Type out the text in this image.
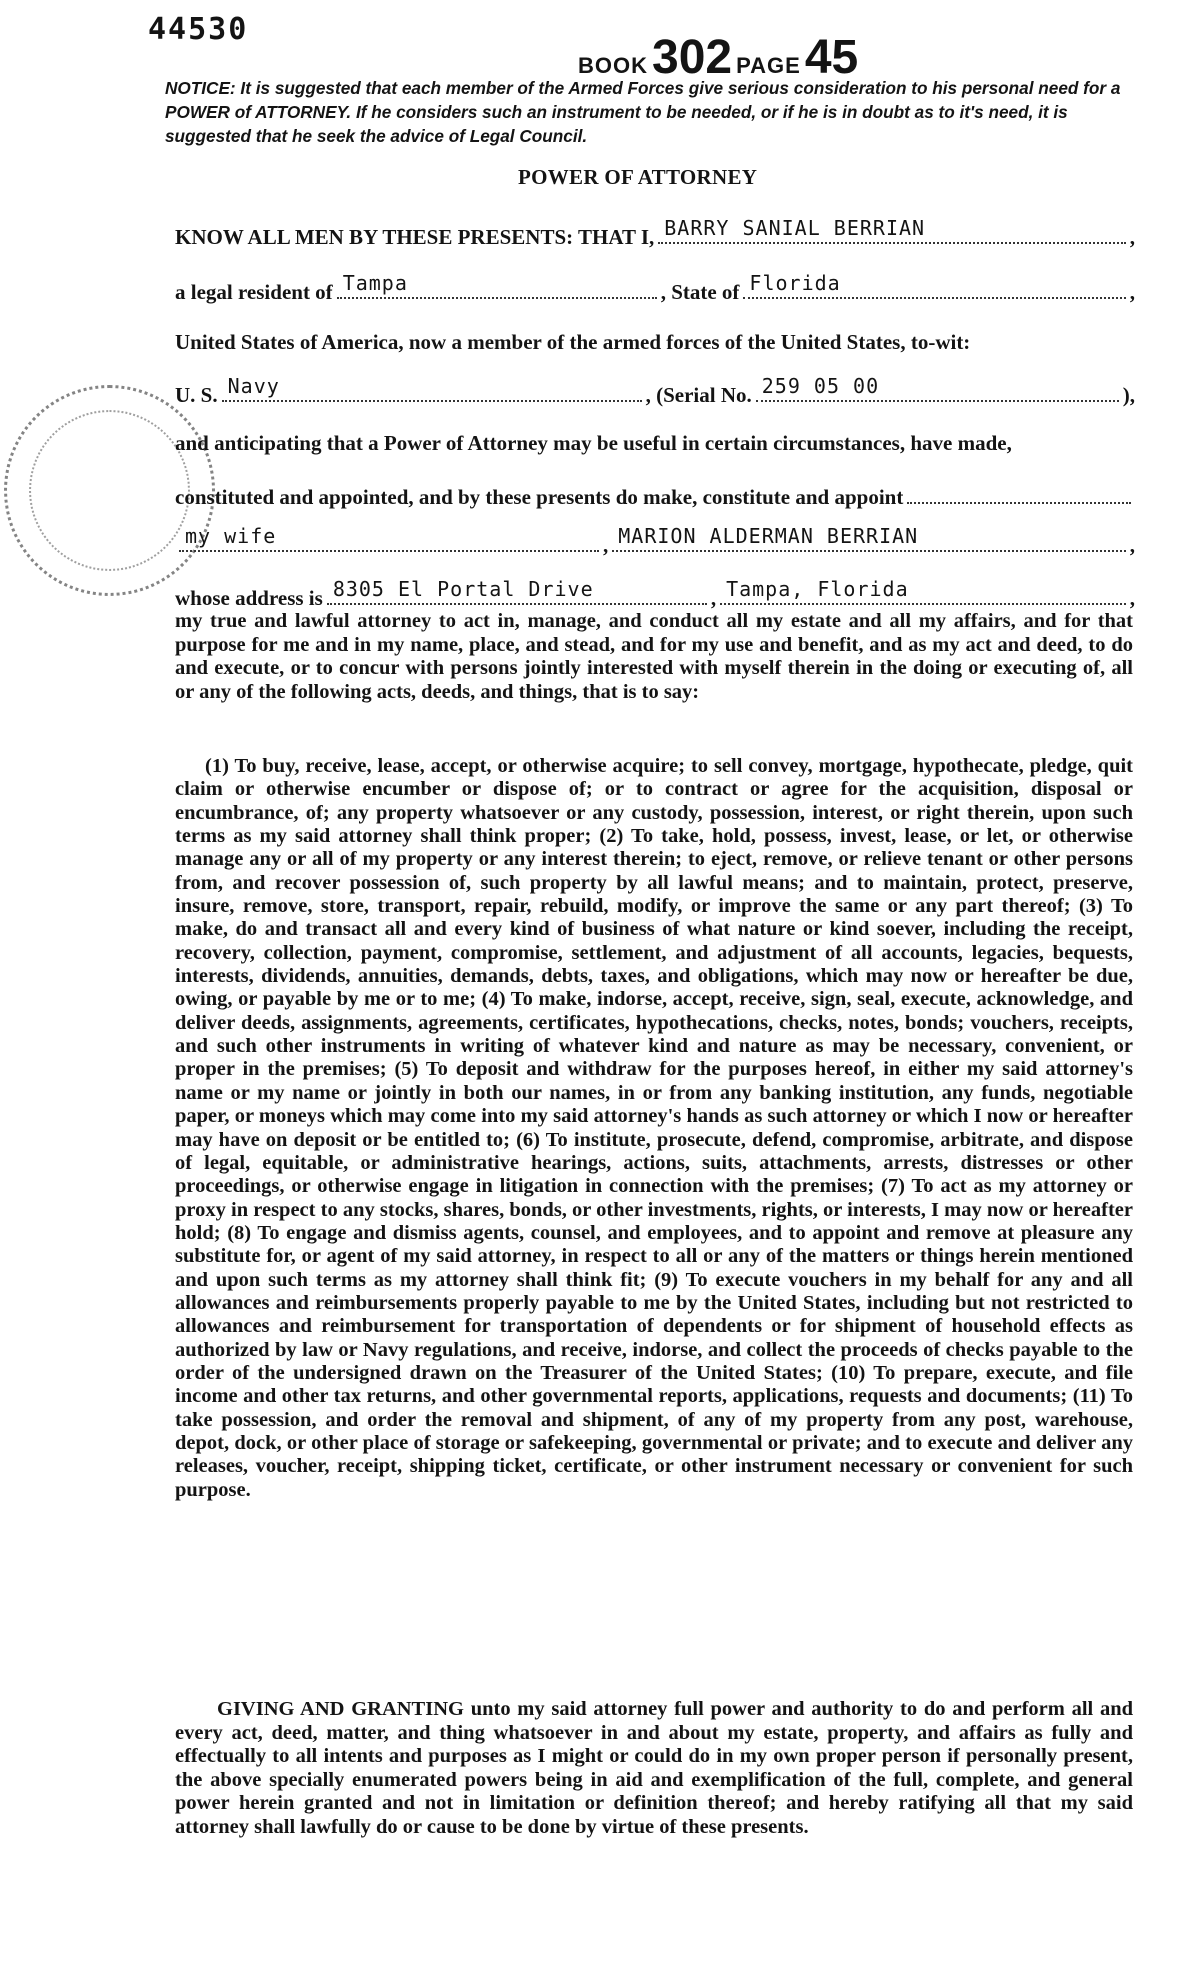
44530
BOOK 302 PAGE 45
NOTICE: It is suggested that each member of the Armed Forces give serious consideration to his personal need for a POWER of ATTORNEY. If he considers such an instrument to be needed, or if he is in doubt as to it's need, it is suggested that he seek the advice of Legal Council.
POWER OF ATTORNEY
KNOW ALL MEN BY THESE PRESENTS: THAT I, BARRY SANIAL BERRIAN	,
a legal resident of Tampa	, State of Florida	,
United States of America, now a member of the armed forces of the United States, to-wit:
U. S. Navy	, (Serial No. 259 05 00	),
and anticipating that a Power of Attorney may be useful in certain circumstances, have made,
constituted and appointed, and by these presents do make, constitute and appoint
my wife	, MARION ALDERMAN BERRIAN	,
whose address is 8305 El Portal Drive	, Tampa, Florida	,
my true and lawful attorney to act in, manage, and conduct all my estate and all my affairs, and for that purpose for me and in my name, place, and stead, and for my use and benefit, and as my act and deed, to do and execute, or to concur with persons jointly interested with myself therein in the doing or executing of, all or any of the following acts, deeds, and things, that is to say:
(1) To buy, receive, lease, accept, or otherwise acquire; to sell convey, mortgage, hypothecate, pledge, quit claim or otherwise encumber or dispose of; or to contract or agree for the acquisition, disposal or encumbrance, of; any property whatsoever or any custody, possession, interest, or right therein, upon such terms as my said attorney shall think proper; (2) To take, hold, possess, invest, lease, or let, or otherwise manage any or all of my property or any interest therein; to eject, remove, or relieve tenant or other persons from, and recover possession of, such property by all lawful means; and to maintain, protect, preserve, insure, remove, store, transport, repair, rebuild, modify, or improve the same or any part thereof; (3) To make, do and transact all and every kind of business of what nature or kind soever, including the receipt, recovery, collection, payment, compromise, settlement, and adjustment of all accounts, legacies, bequests, interests, dividends, annuities, demands, debts, taxes, and obligations, which may now or hereafter be due, owing, or payable by me or to me; (4) To make, indorse, accept, receive, sign, seal, execute, acknowledge, and deliver deeds, assignments, agreements, certificates, hypothecations, checks, notes, bonds; vouchers, receipts, and such other instruments in writing of whatever kind and nature as may be necessary, convenient, or proper in the premises; (5) To deposit and withdraw for the purposes hereof, in either my said attorney's name or my name or jointly in both our names, in or from any banking institution, any funds, negotiable paper, or moneys which may come into my said attorney's hands as such attorney or which I now or hereafter may have on deposit or be entitled to; (6) To institute, prosecute, defend, compromise, arbitrate, and dispose of legal, equitable, or administrative hearings, actions, suits, attachments, arrests, distresses or other proceedings, or otherwise engage in litigation in connection with the premises; (7) To act as my attorney or proxy in respect to any stocks, shares, bonds, or other investments, rights, or interests, I may now or hereafter hold; (8) To engage and dismiss agents, counsel, and employees, and to appoint and remove at pleasure any substitute for, or agent of my said attorney, in respect to all or any of the matters or things herein mentioned and upon such terms as my attorney shall think fit; (9) To execute vouchers in my behalf for any and all allowances and reimbursements properly payable to me by the United States, including but not restricted to allowances and reimbursement for transportation of dependents or for shipment of household effects as authorized by law or Navy regulations, and receive, indorse, and collect the proceeds of checks payable to the order of the undersigned drawn on the Treasurer of the United States; (10) To prepare, execute, and file income and other tax returns, and other governmental reports, applications, requests and documents; (11) To take possession, and order the removal and shipment, of any of my property from any post, warehouse, depot, dock, or other place of storage or safekeeping, governmental or private; and to execute and deliver any releases, voucher, receipt, shipping ticket, certificate, or other instrument necessary or convenient for such purpose.
GIVING AND GRANTING unto my said attorney full power and authority to do and perform all and every act, deed, matter, and thing whatsoever in and about my estate, property, and affairs as fully and effectually to all intents and purposes as I might or could do in my own proper person if personally present, the above specially enumerated powers being in aid and exemplification of the full, complete, and general power herein granted and not in limitation or definition thereof; and hereby ratifying all that my said attorney shall lawfully do or cause to be done by virtue of these presents.
